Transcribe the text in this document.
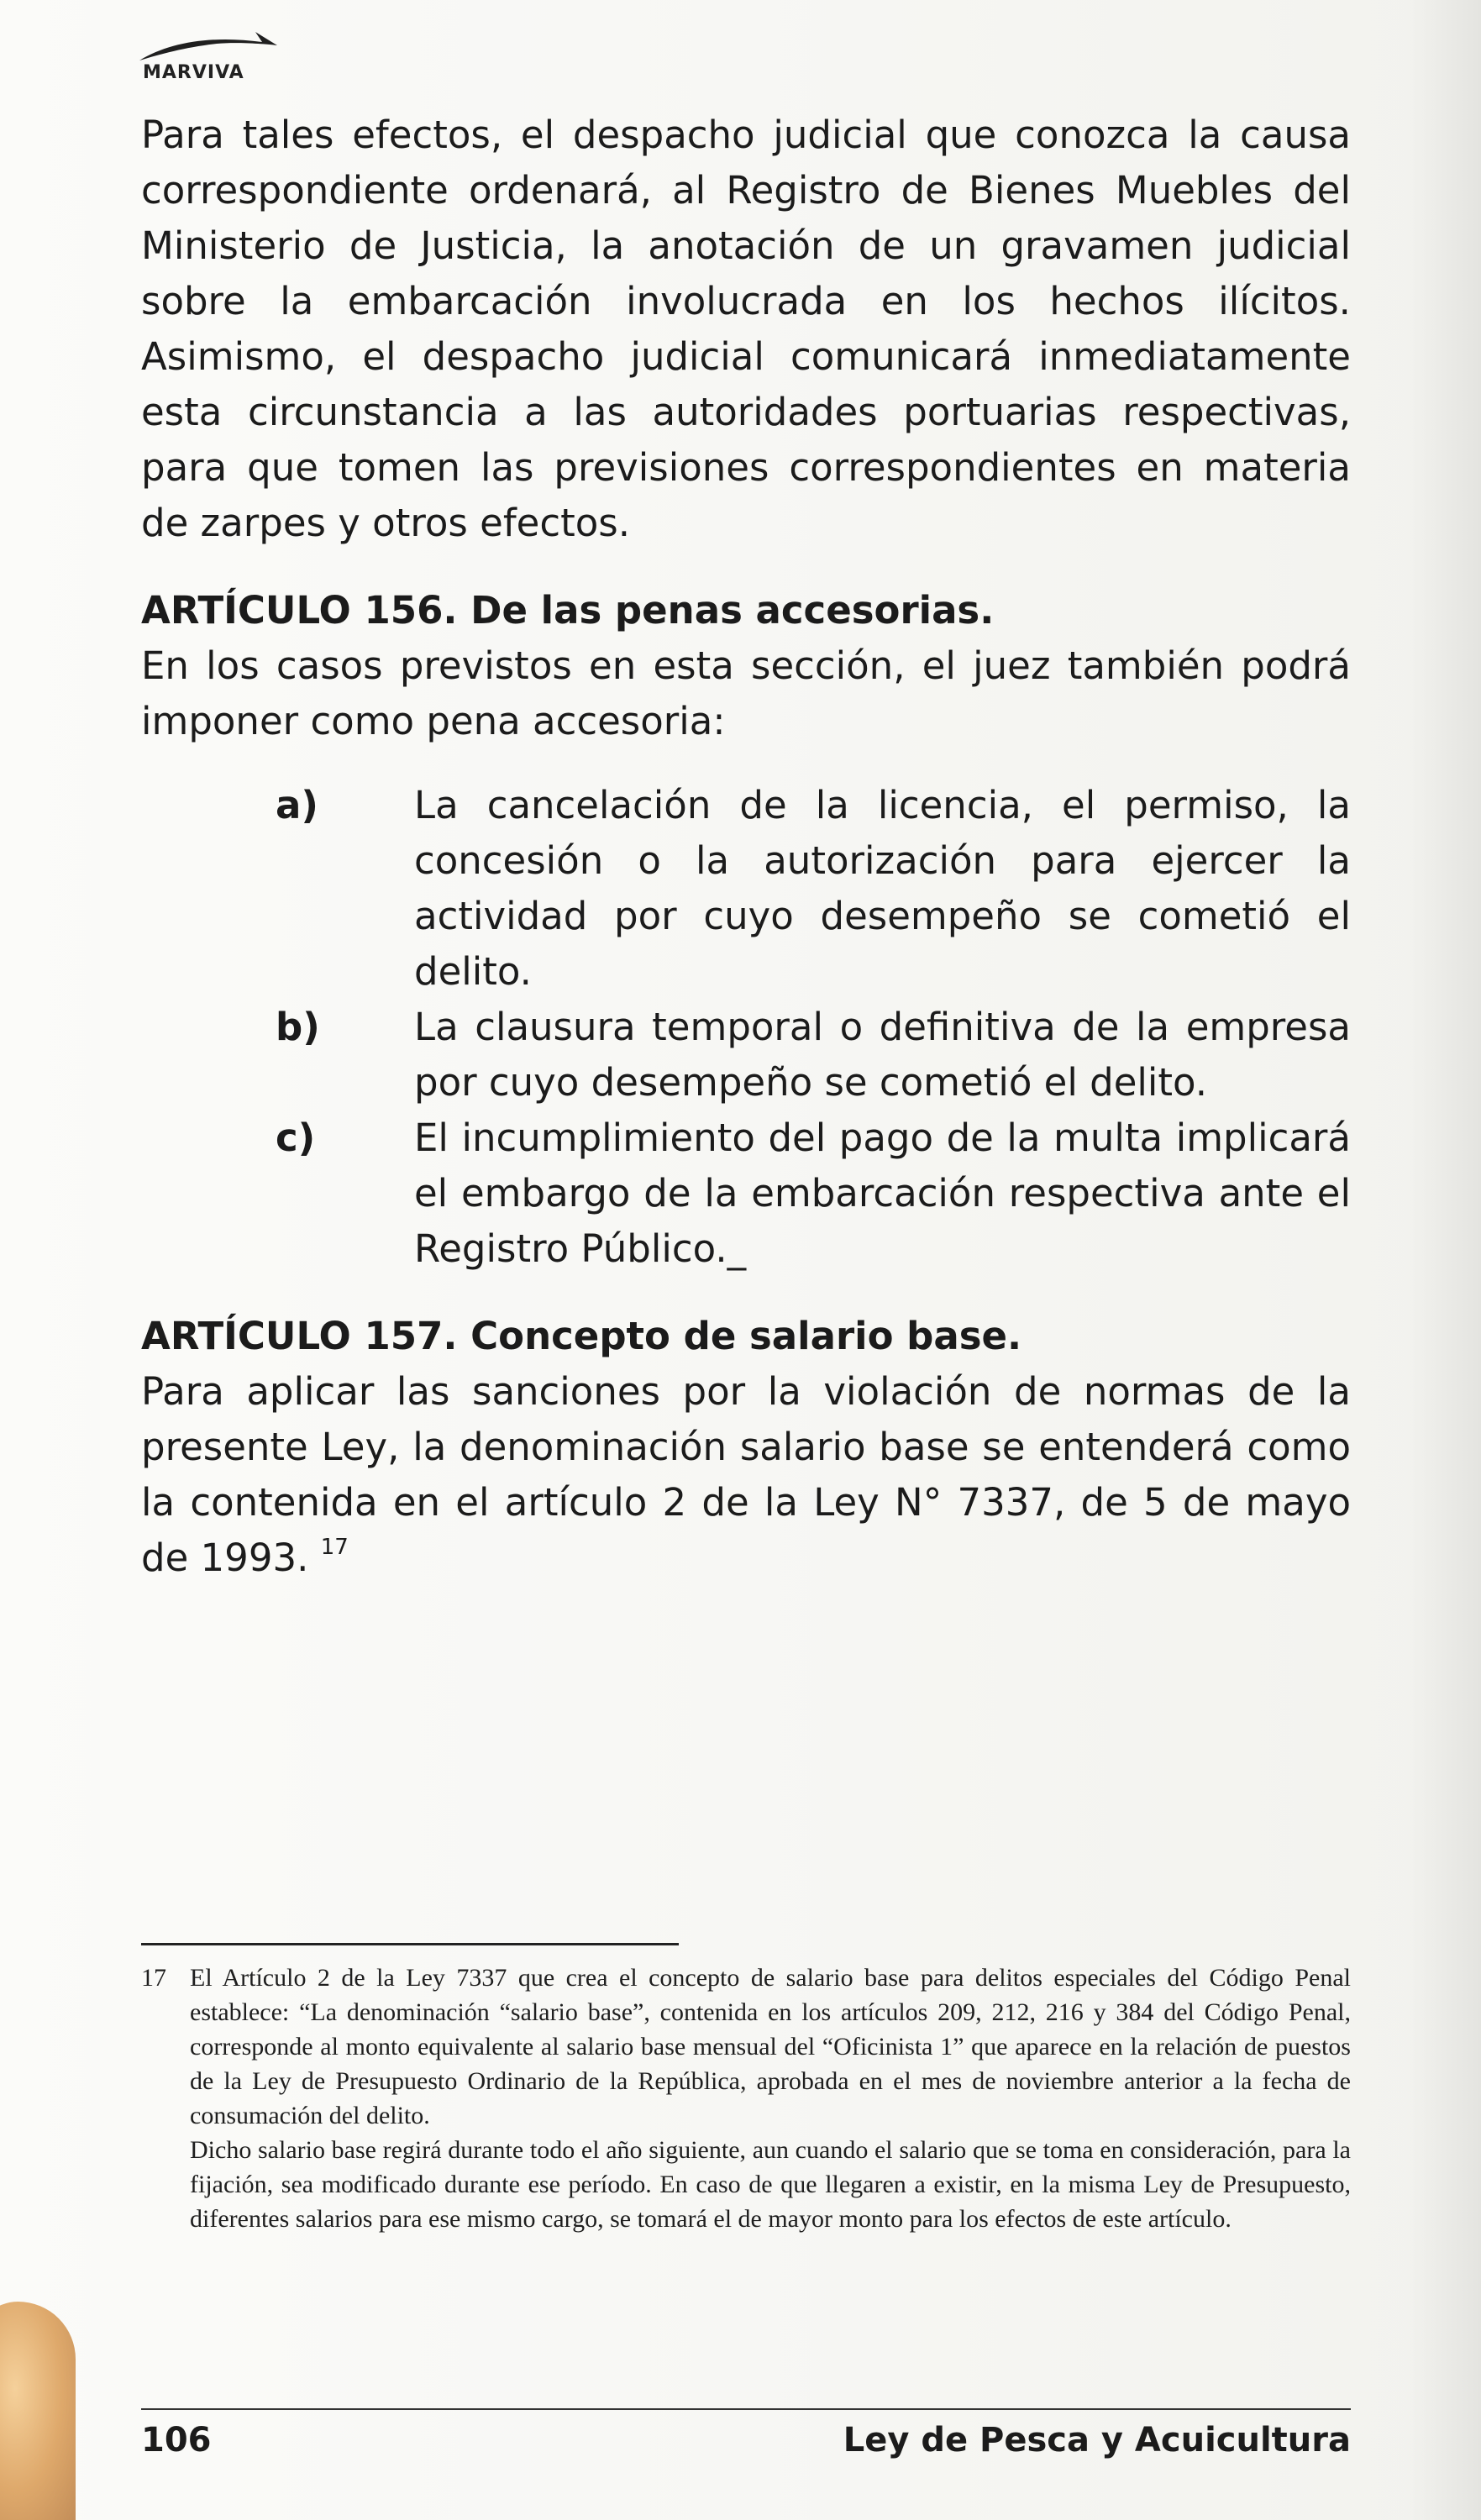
MARVIVA

Para tales efectos, el despacho judicial que conozca la causa correspondiente ordenará, al Registro de Bienes Muebles del Ministerio de Justicia, la anotación de un gravamen judicial sobre la embarcación involucrada en los hechos ilícitos. Asimismo, el despacho judicial comunicará inmediatamente esta circunstancia a las autoridades portuarias respectivas, para que tomen las previsiones correspondientes en materia de zarpes y otros efectos.

ARTÍCULO 156. De las penas accesorias.

En los casos previstos en esta sección, el juez también podrá imponer como pena accesoria:

a)	La cancelación de la licencia, el permiso, la concesión o la autorización para ejercer la actividad por cuyo desempeño se cometió el delito.
b) La clausura temporal o definitiva de la empresa por cuyo desempeño se cometió el delito.
c)	El incumplimiento del pago de la multa implicará el embargo de la embarcación respectiva ante el Registro Público._

ARTÍCULO 157. Concepto de salario base.

Para aplicar las sanciones por la violación de normas de la presente Ley, la denominación salario base se entenderá como la contenida en el artículo 2 de la Ley N° 7337, de 5 de mayo de 1993. $^{17}$

17 El Artículo 2 de la Ley 7337 que crea el concepto de salario base para delitos especiales del Código Penal establece: “La denominación “salario base”, contenida en los artículos 209, 212, 216 y 384 del Código Penal, corresponde al monto equivalente al salario base mensual del “Oficinista 1” que aparece en la relación de puestos de la Ley de Presupuesto Ordinario de la República, aprobada en el mes de noviembre anterior a la fecha de consumación del delito.

Dicho salario base regirá durante todo el año siguiente, aun cuando el salario que se toma en consideración, para la fijación, sea modificado durante ese período. En caso de que llegaren a existir, en la misma Ley de Presupuesto, diferentes salarios para ese mismo cargo, se tomará el de mayor monto para los efectos de este artículo.

106	Ley de Pesca y Acuicultura
